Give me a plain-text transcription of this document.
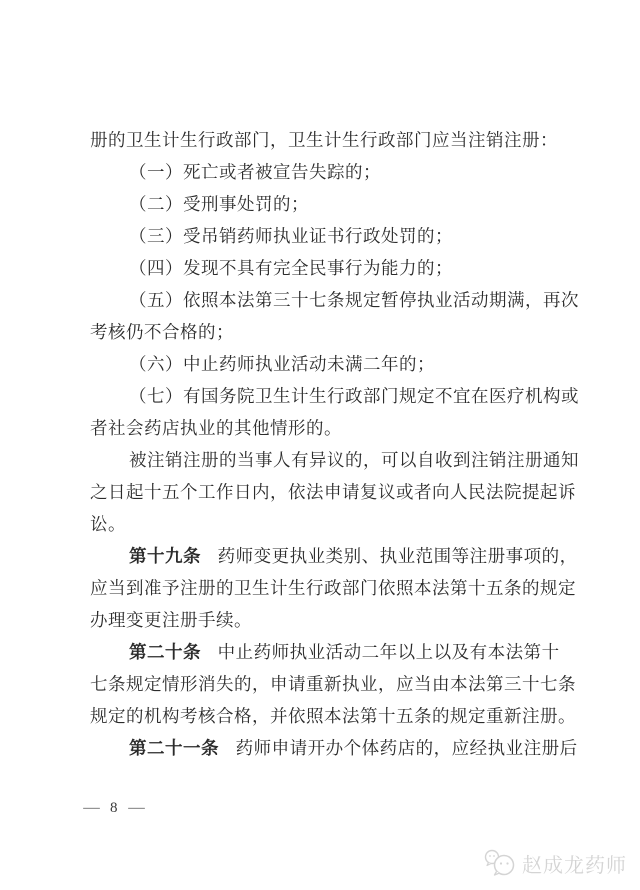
册的卫生计生行政部门，卫生计生行政部门应当注销注册：
（一）死亡或者被宣告失踪的；
（二）受刑事处罚的；
（三）受吊销药师执业证书行政处罚的；
（四）发现不具有完全民事行为能力的；
（五）依照本法第三十七条规定暂停执业活动期满，再次
考核仍不合格的；
（六）中止药师执业活动未满二年的；
（七）有国务院卫生计生行政部门规定不宜在医疗机构或
者社会药店执业的其他情形的。
被注销注册的当事人有异议的，可以自收到注销注册通知
之日起十五个工作日内，依法申请复议或者向人民法院提起诉
讼。
第十九条 药师变更执业类别、执业范围等注册事项的，
应当到准予注册的卫生计生行政部门依照本法第十五条的规定
办理变更注册手续。
第二十条 中止药师执业活动二年以上以及有本法第十
七条规定情形消失的，申请重新执业，应当由本法第三十七条
规定的机构考核合格，并依照本法第十五条的规定重新注册。
第二十一条 药师申请开办个体药店的，应经执业注册后
— 8 —
赵成龙药师
